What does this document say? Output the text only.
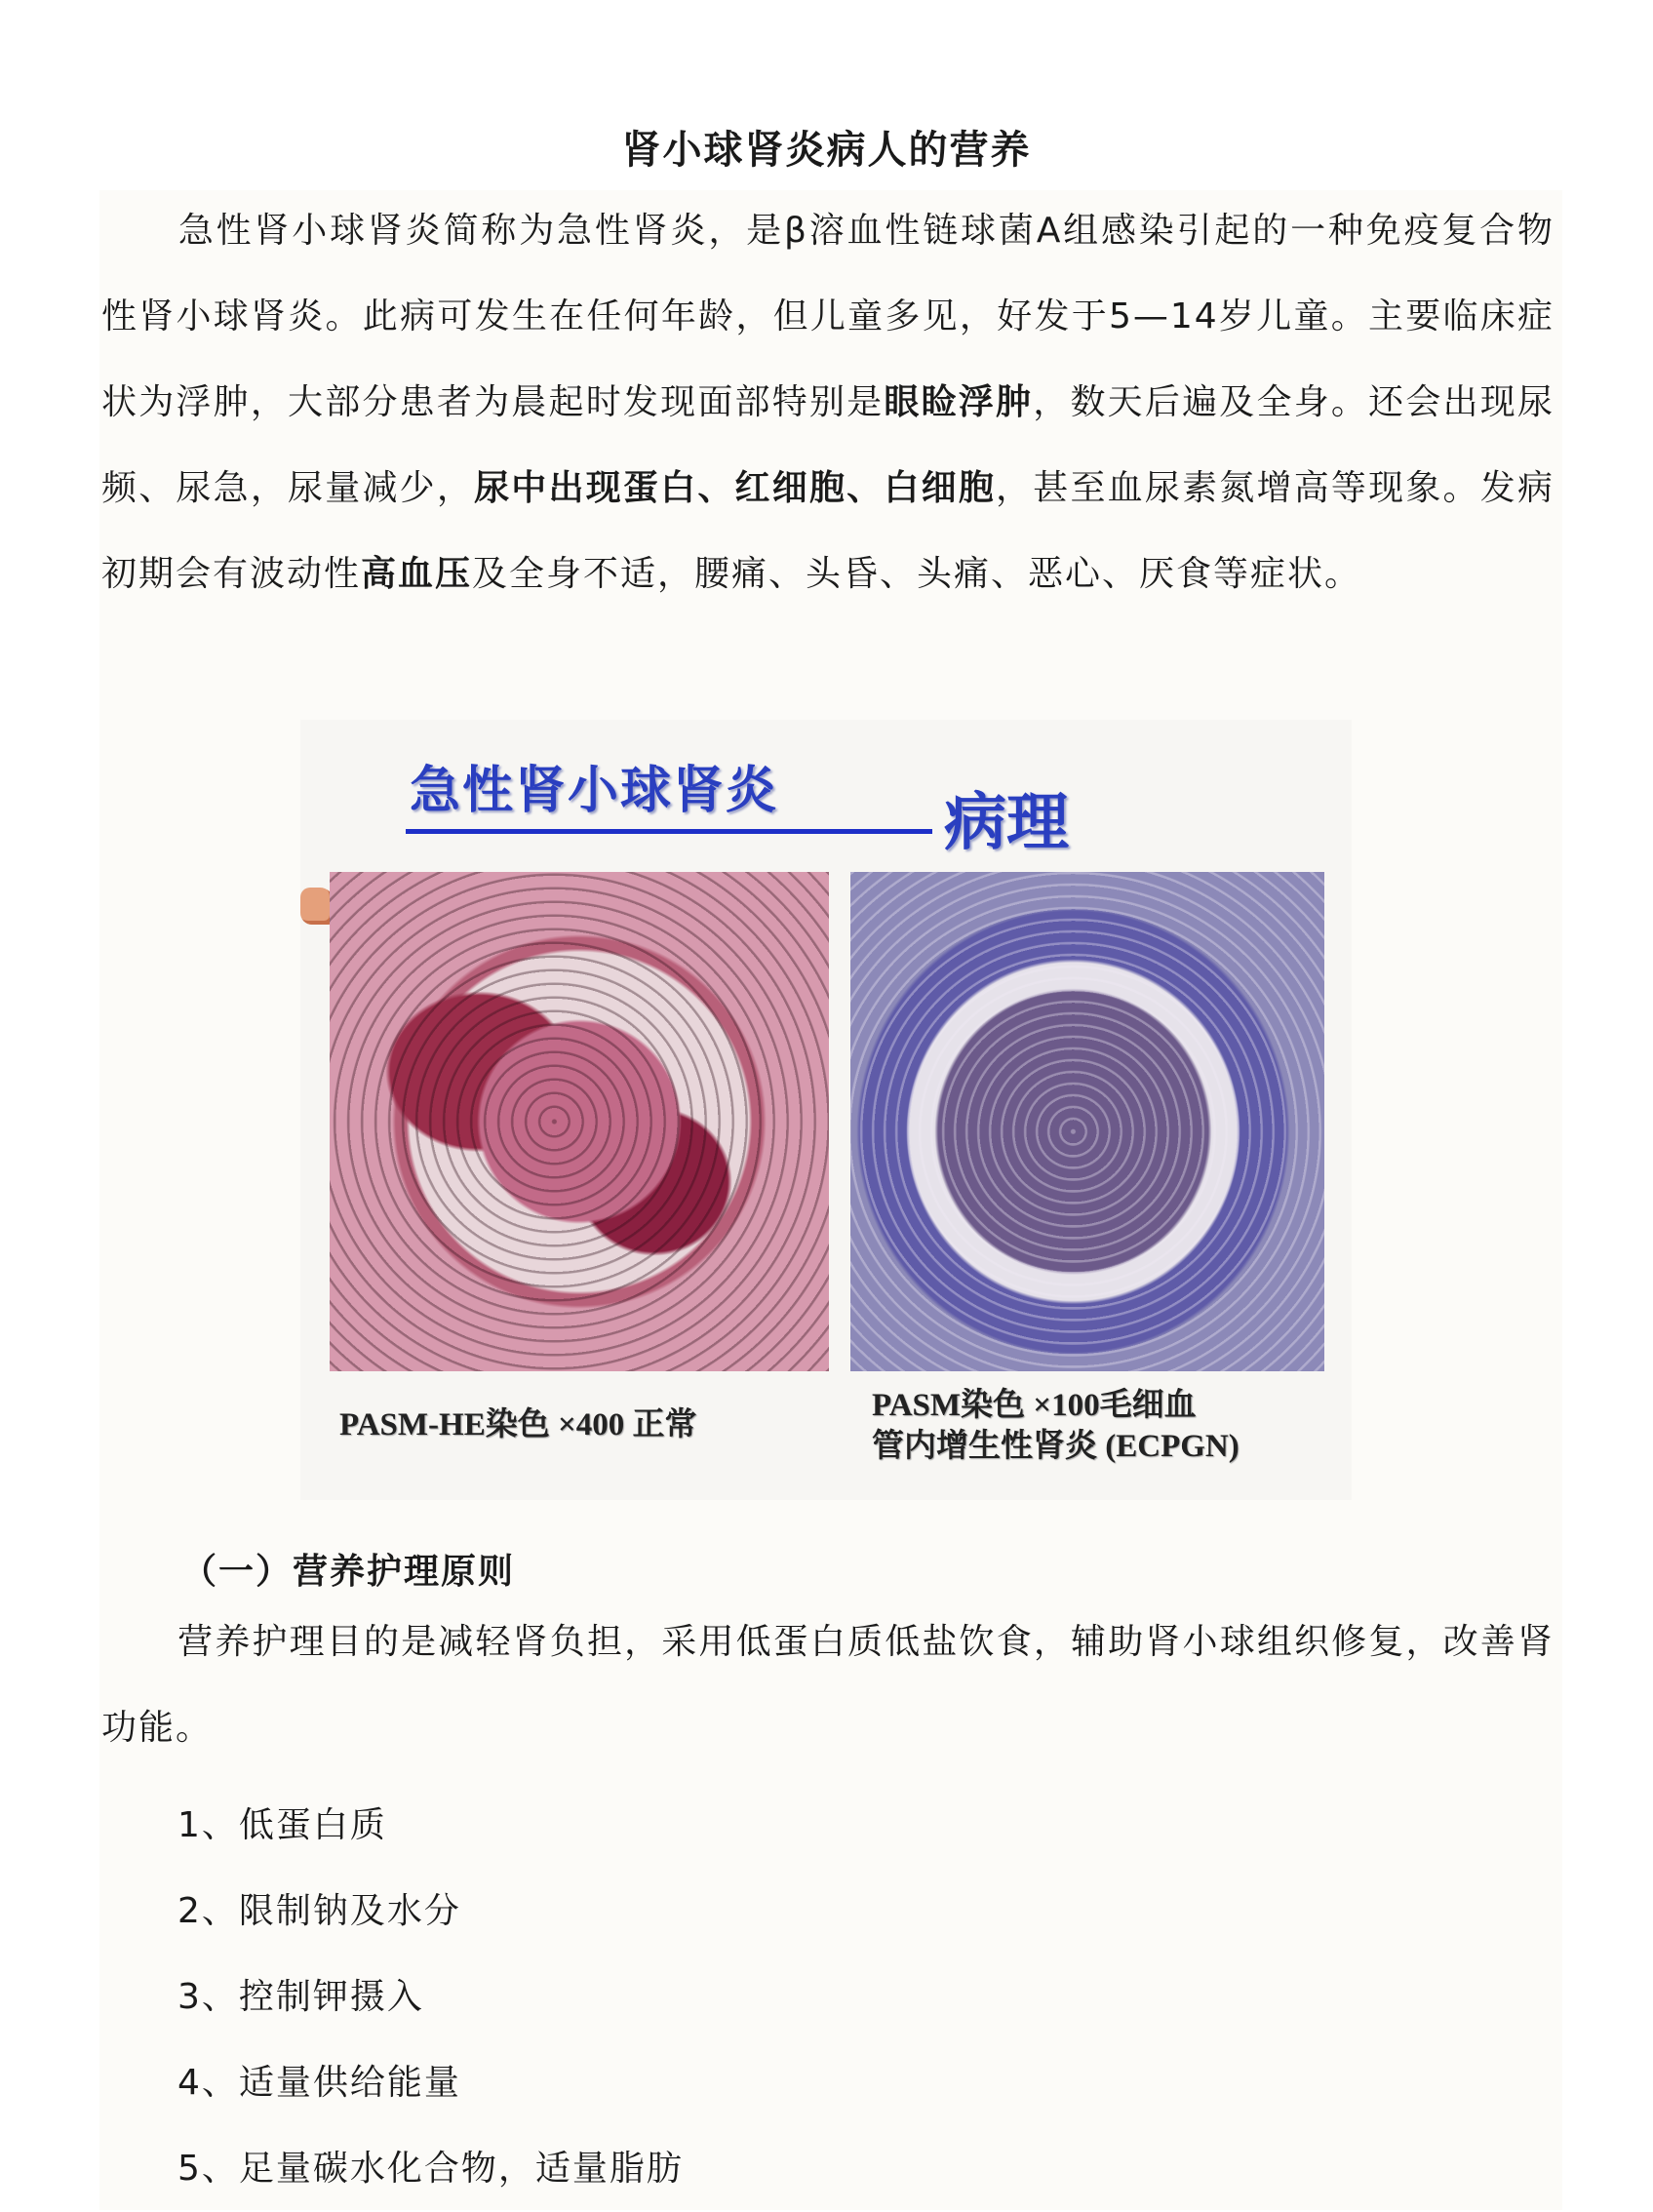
肾小球肾炎病人的营养
急性肾小球肾炎简称为急性肾炎，是β溶血性链球菌A组感染引起的一种免疫复合物性肾小球肾炎。此病可发生在任何年龄，但儿童多见，好发于5—14岁儿童。主要临床症状为浮肿，大部分患者为晨起时发现面部特别是眼睑浮肿，数天后遍及全身。还会出现尿频、尿急，尿量减少，尿中出现蛋白、红细胞、白细胞，甚至血尿素氮增高等现象。发病初期会有波动性高血压及全身不适，腰痛、头昏、头痛、恶心、厌食等症状。
急性肾小球肾炎	病理
PASM-HE染色 ×400 正常
PASM染色 ×100毛细血
管内增生性肾炎 (ECPGN)
（一）营养护理原则
营养护理目的是减轻肾负担，采用低蛋白质低盐饮食，辅助肾小球组织修复，改善肾功能。
1、低蛋白质
2、限制钠及水分
3、控制钾摄入
4、适量供给能量
5、足量碳水化合物，适量脂肪
